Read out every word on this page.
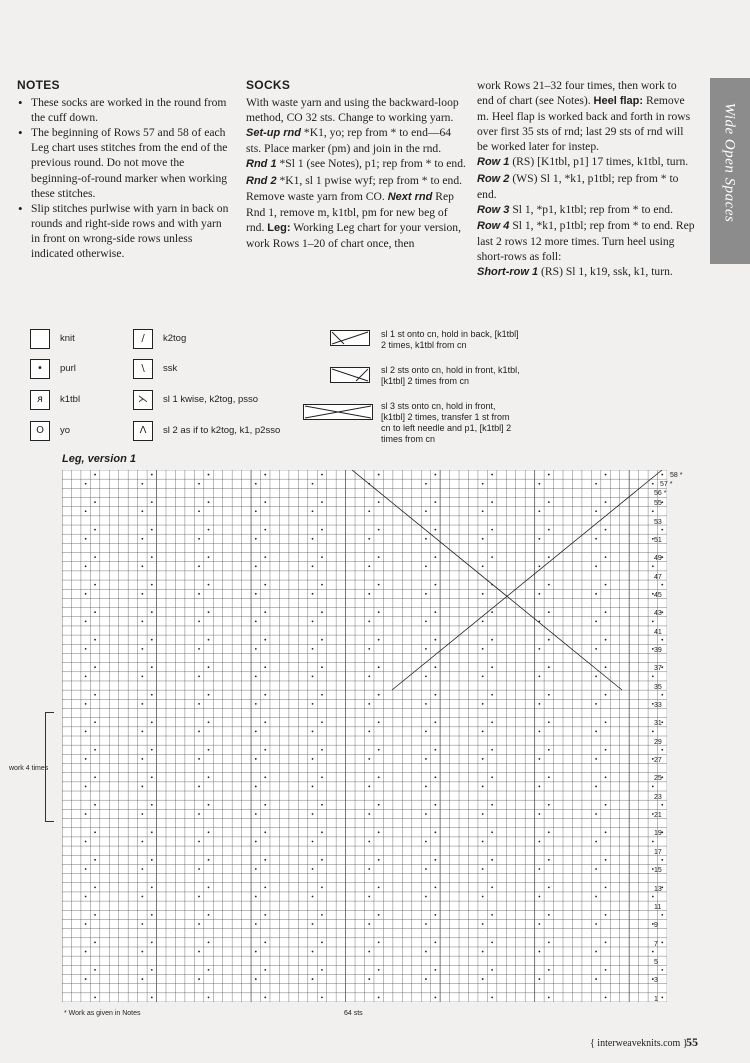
NOTES
• These socks are worked in the round from the cuff down.
• The beginning of Rows 57 and 58 of each Leg chart uses stitches from the end of the previous round. Do not move the beginning-of-round marker when working these stitches.
• Slip stitches purlwise with yarn in back on rounds and right-side rows and with yarn in front on wrong-side rows unless indicated otherwise.
SOCKS

With waste yarn and using the backward-loop method, CO 32 sts. Change to working yarn. Set-up rnd *K1, yo; rep from * to end—64 sts. Place marker (pm) and join in the rnd.

Rnd 1 *Sl 1 (see Notes), p1; rep from * to end.

Rnd 2 *K1, sl 1 pwise wyf; rep from * to end. Remove waste yarn from CO. Next rnd Rep Rnd 1, remove m, k1tbl, pm for new beg of rnd. Leg: Working Leg chart for your version, work Rows 1–20 of chart once, then

work Rows 21–32 four times, then work to end of chart (see Notes). Heel flap: Remove m. Heel flap is worked back and forth in rows over first 35 sts of rnd; last 29 sts of rnd will be worked later for instep.

Row 1 (RS) [K1tbl, p1] 17 times, k1tbl, turn.

Row 2 (WS) Sl 1, *k1, p1tbl; rep from * to end.

Row 3 Sl 1, *p1, k1tbl; rep from * to end.

Row 4 Sl 1, *k1, p1tbl; rep from * to end. Rep last 2 rows 12 more times. Turn heel using short-rows as foll:

Short-row 1 (RS) Sl 1, k19, ssk, k1, turn.

Wide Open Spaces
knit
•	purl
ᴙ	k1tbl
O	yo
/	k2tog
\	ssk
⋋	sl 1 kwise, k2tog, psso
Λ	sl 2 as if to k2tog, k1, p2sso
sl 1 st onto cn, hold in back, [k1tbl] 2 times, k1tbl from cn
sl 2 sts onto cn, hold in front, k1tbl, [k1tbl] 2 times from cn
sl 3 sts onto cn, hold in front, [k1tbl] 2 times, transfer 1 st from cn to left needle and p1, [k1tbl] 2 times from cn
Leg, version 1
58 *
57 *
56 *
55
53
51
49
47
45
43
41
39
37
35
33
31
29
27
25
23
21
19
17
15
13
11
9
7
5
3
1
work 4 times
* Work as given in Notes	64 sts
{ interweaveknits.com }
55
